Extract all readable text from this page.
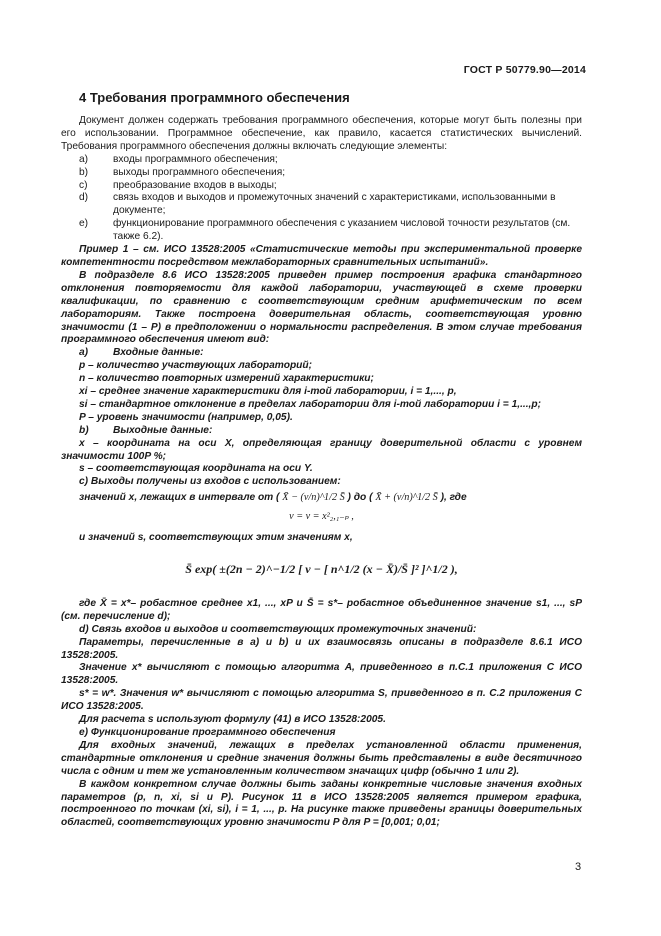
ГОСТ Р 50779.90—2014
4 Требования программного обеспечения

Документ должен содержать требования программного обеспечения, которые могут быть полезны при его использовании. Программное обеспечение, как правило, касается статистических вычислений. Требования программного обеспечения должны включать следующие элементы:

a)	входы программного обеспечения;
b)	выходы программного обеспечения;
c)	преобразование входов в выходы;
d)	связь входов и выходов и промежуточных значений с характеристиками, использованными в документе;
e)	функционирование программного обеспечения с указанием числовой точности результатов (см. также 6.2).

Пример 1 – см. ИСО 13528:2005 «Статистические методы при экспериментальной проверке компетентности посредством межлабораторных сравнительных испытаний».

В подразделе 8.6 ИСО 13528:2005 приведен пример построения графика стандартного отклонения повторяемости для каждой лаборатории, участвующей в схеме проверки квалификации, по сравнению с соответствующим средним арифметическим по всем лабораториям. Также построена доверительная область, соответствующая уровню значимости (1 – P) в предположении о нормальности распределения. В этом случае требования программного обеспечения имеют вид:

a)	Входные данные:

p – количество участвующих лабораторий;

n – количество повторных измерений характеристики;

xi – среднее значение характеристики для i-той лаборатории, i = 1,..., p,

si – стандартное отклонение в пределах лаборатории для i-той лаборатории i = 1,...,p;

P – уровень значимости (например, 0,05).

b)	Выходные данные:

x – координата на оси X, определяющая границу доверительной области с уровнем значимости 100P %;

s – соответствующая координата на оси Y.

c) Выходы получены из входов с использованием:

значений x, лежащих в интервале от ( X̄ − (ν/n)^1/2 S̄ ) до ( X̄ + (ν/n)^1/2 S̄ ), где

ν = ν = x²₂,₁₋ₚ ,

и значений s, соответствующих этим значениям x,

S̄ exp( ±(2n − 2)^−1/2 [ ν − [ n^1/2 (x − X̄)/S̄ ]² ]^1/2 ),

где X̄ = x*– робастное среднее x1, ..., xP и S̄ = s*– робастное объединенное значение s1, ..., sP (см. перечисление d);

d) Связь входов и выходов и соответствующих промежуточных значений:

Параметры, перечисленные в a) и b) и их взаимосвязь описаны в подразделе 8.6.1 ИСО 13528:2005.

Значение x* вычисляют с помощью алгоритма А, приведенного в п.С.1 приложения С ИСО 13528:2005.

s* = w*. Значения w* вычисляют с помощью алгоритма S, приведенного в п. С.2 приложения С ИСО 13528:2005.

Для расчета s используют формулу (41) в ИСО 13528:2005.

e) Функционирование программного обеспечения

Для входных значений, лежащих в пределах установленной области применения, стандартные отклонения и средние значения должны быть представлены в виде десятичного числа с одним и тем же установленным количеством значащих цифр (обычно 1 или 2).

В каждом конкретном случае должны быть заданы конкретные числовые значения входных параметров (p, n, xi, si и P). Рисунок 11 в ИСО 13528:2005 является примером графика, построенного по точкам (xi, si), i = 1, ..., p. На рисунке также приведены границы доверительных областей, соответствующих уровню значимости P для P = [0,001; 0,01;

3
